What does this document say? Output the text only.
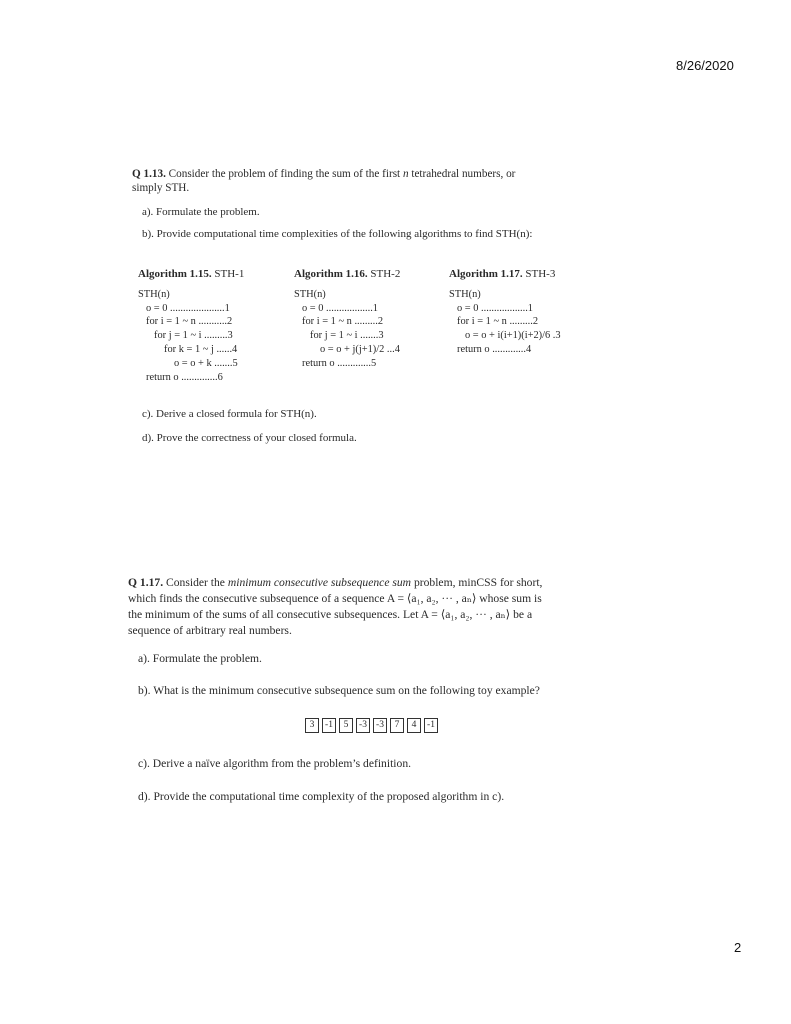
8/26/2020
2
Q 1.13. Consider the problem of finding the sum of the first n tetrahedral numbers, or
simply STH.
a). Formulate the problem.
b). Provide computational time complexities of the following algorithms to find STH(n):
Algorithm 1.15. STH-1
STH(n)
o = 0 .....................1
for i = 1 ~ n ...........2
for j = 1 ~ i .........3
for k = 1 ~ j ......4
o = o + k .......5
return o ..............6
Algorithm 1.16. STH-2
STH(n)
o = 0 ..................1
for i = 1 ~ n .........2
for j = 1 ~ i .......3
o = o + j(j+1)/2 ...4
return o .............5
Algorithm 1.17. STH-3
STH(n)
o = 0 ..................1
for i = 1 ~ n .........2
o = o + i(i+1)(i+2)/6 .3
return o .............4
c). Derive a closed formula for STH(n).
d). Prove the correctness of your closed formula.
Q 1.17. Consider the minimum consecutive subsequence sum problem, minCSS for short,
which finds the consecutive subsequence of a sequence A = ⟨a₁, a₂, ··· , aₙ⟩ whose sum is
the minimum of the sums of all consecutive subsequences. Let A = ⟨a₁, a₂, ··· , aₙ⟩ be a
sequence of arbitrary real numbers.
a). Formulate the problem.
b). What is the minimum consecutive subsequence sum on the following toy example?
3	-1	5	-3 -3	7	4	-1
c). Derive a naïve algorithm from the problem’s definition.
d). Provide the computational time complexity of the proposed algorithm in c).
